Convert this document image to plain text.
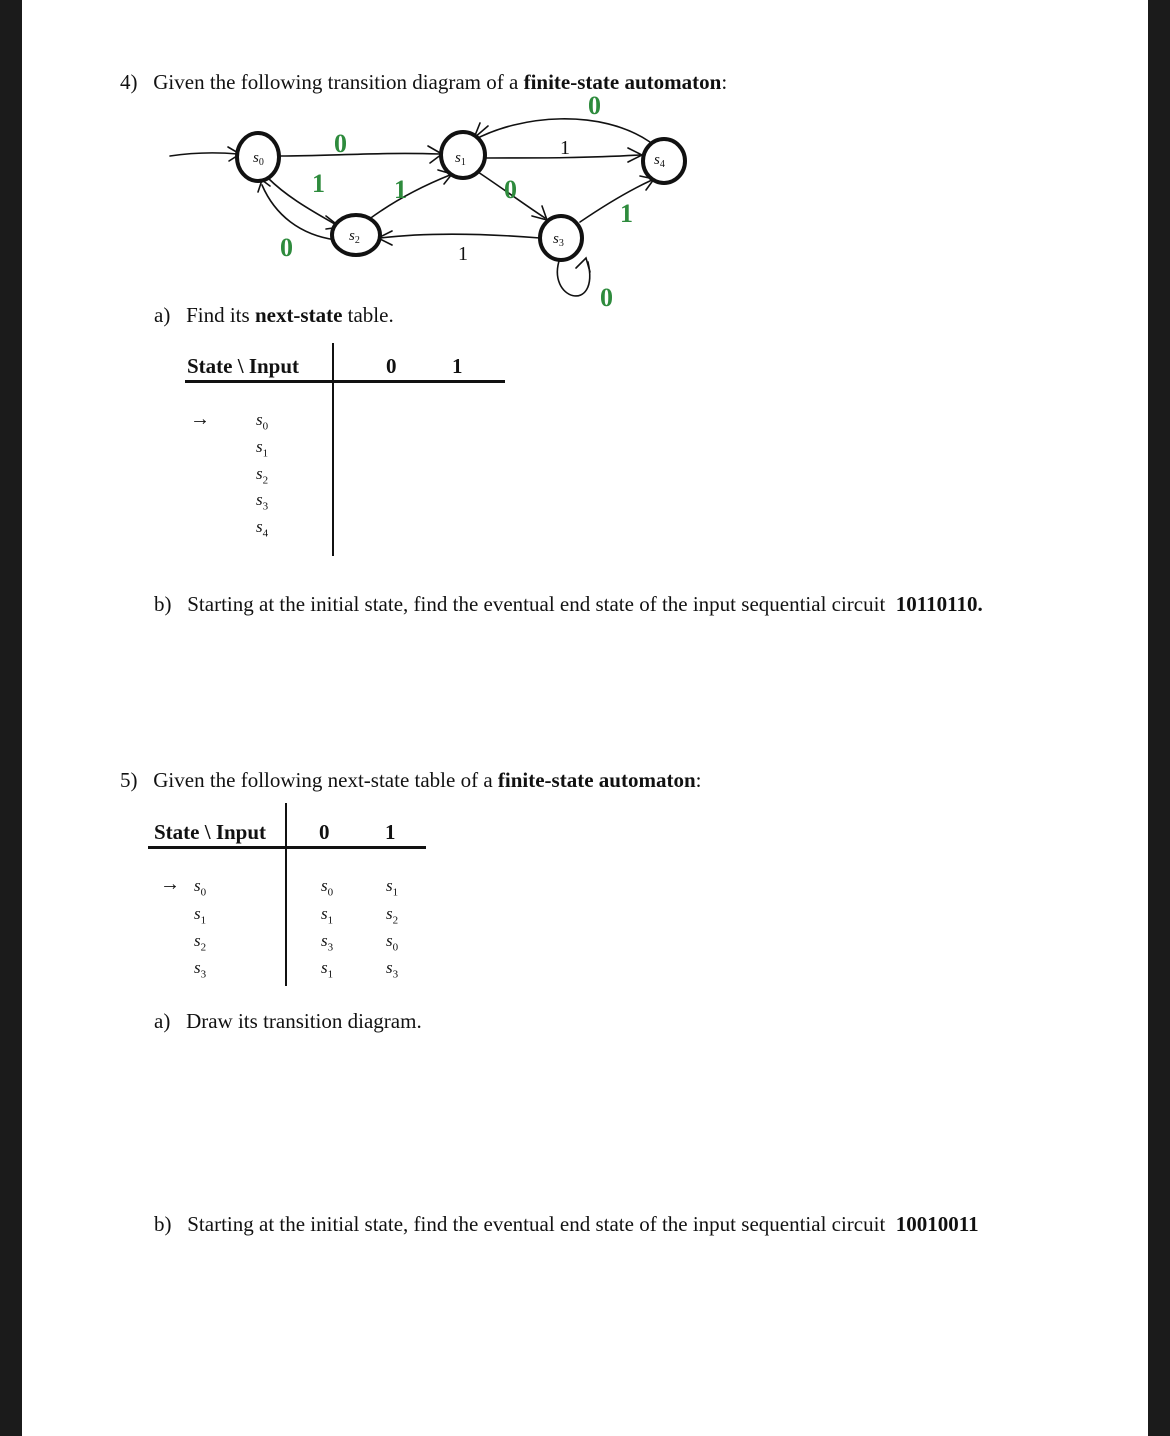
4) Given the following transition diagram of a finite-state automaton:
$s_0$	$s_1$
$s_2$	$s_3$
$s_4$
0
0
1	1	0
0
0
1
1
1
a) Find its next-state table.
State \ Input	0	1
→	$s_0$
$s_1$
$s_2$
$s_3$
$s_4$
b) Starting at the initial state, find the eventual end state of the input sequential circuit 10110110.
5) Given the following next-state table of a finite-state automaton:
State \ Input	0	1
→ $s_0$	$s_0$	$s_1$
$s_1$	$s_1$	$s_2$
$s_2$	$s_3$	$s_0$
$s_3$	$s_1$	$s_3$
a) Draw its transition diagram.
b) Starting at the initial state, find the eventual end state of the input sequential circuit 10010011
